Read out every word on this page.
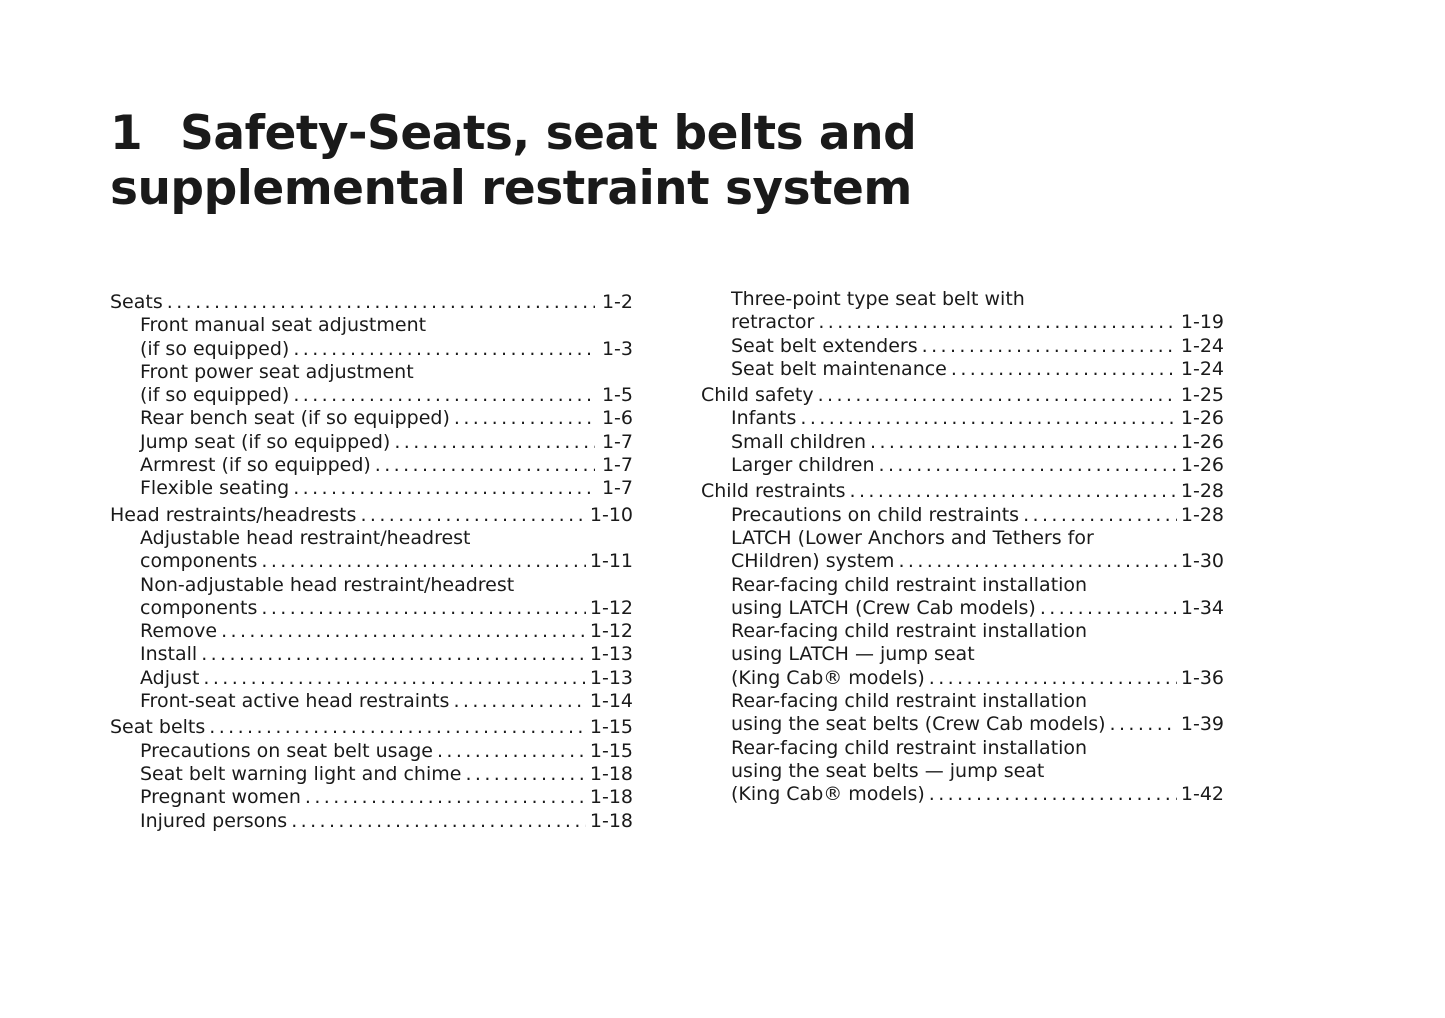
1 Safety-Seats, seat belts and
supplemental restraint system
Seats .....	1-2
Front manual seat adjustment
(if so equipped) .....	1-3
Front power seat adjustment
(if so equipped) .....	1-5
Rear bench seat (if so equipped) .....	1-6
Jump seat (if so equipped) .....	1-7
Armrest (if so equipped) .....	1-7
Flexible seating .....	1-7
Head restraints/headrests .....	1-10
Adjustable head restraint/headrest
components .....	1-11
Non-adjustable head restraint/headrest
components .....	1-12
Remove .....	1-12
Install .....	1-13
Adjust .....	1-13
Front-seat active head restraints .....	1-14
Seat belts .....	1-15
Precautions on seat belt usage .....	1-15
Seat belt warning light and chime .....	1-18
Pregnant women .....	1-18
Injured persons .....	1-18
Three-point type seat belt with
retractor .....	1-19
Seat belt extenders .....	1-24
Seat belt maintenance .....	1-24
Child safety .....	1-25
Infants .....	1-26
Small children .....	1-26
Larger children .....	1-26
Child restraints .....	1-28
Precautions on child restraints .....	1-28
LATCH (Lower Anchors and Tethers for
CHildren) system .....	1-30
Rear-facing child restraint installation
using LATCH (Crew Cab models) .....	1-34
Rear-facing child restraint installation
using LATCH — jump seat
(King Cab® models) .....	1-36
Rear-facing child restraint installation
using the seat belts (Crew Cab models) .....	1-39
Rear-facing child restraint installation
using the seat belts — jump seat
(King Cab® models) .....	1-42
